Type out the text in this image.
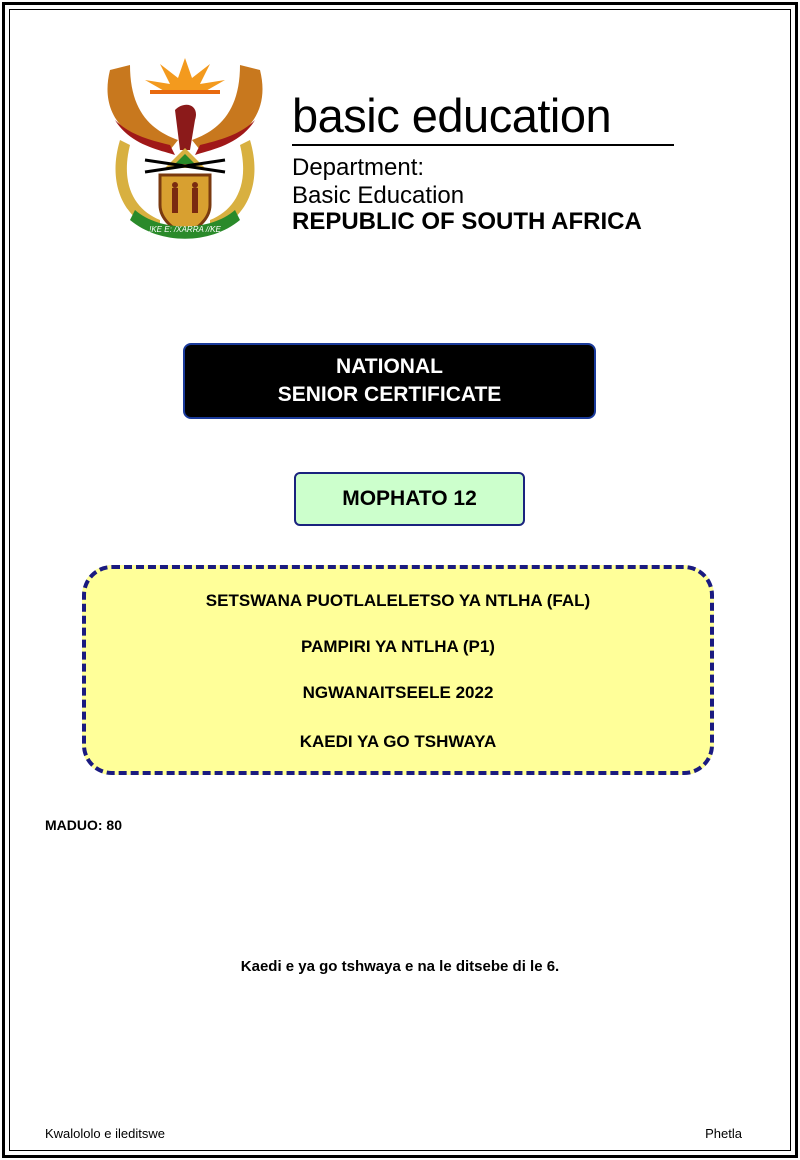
!KE E: /XARRA //KE
basic education
Department:
Basic Education
REPUBLIC OF SOUTH AFRICA
NATIONAL
SENIOR CERTIFICATE
MOPHATO 12
SETSWANA PUOTLALELETSO YA NTLHA (FAL)
PAMPIRI YA NTLHA (P1)
NGWANAITSEELE 2022
KAEDI YA GO TSHWAYA
MADUO: 80
Kaedi e ya go tshwaya e na le ditsebe di le 6.
Kwalololo e ileditswe	Phetla
